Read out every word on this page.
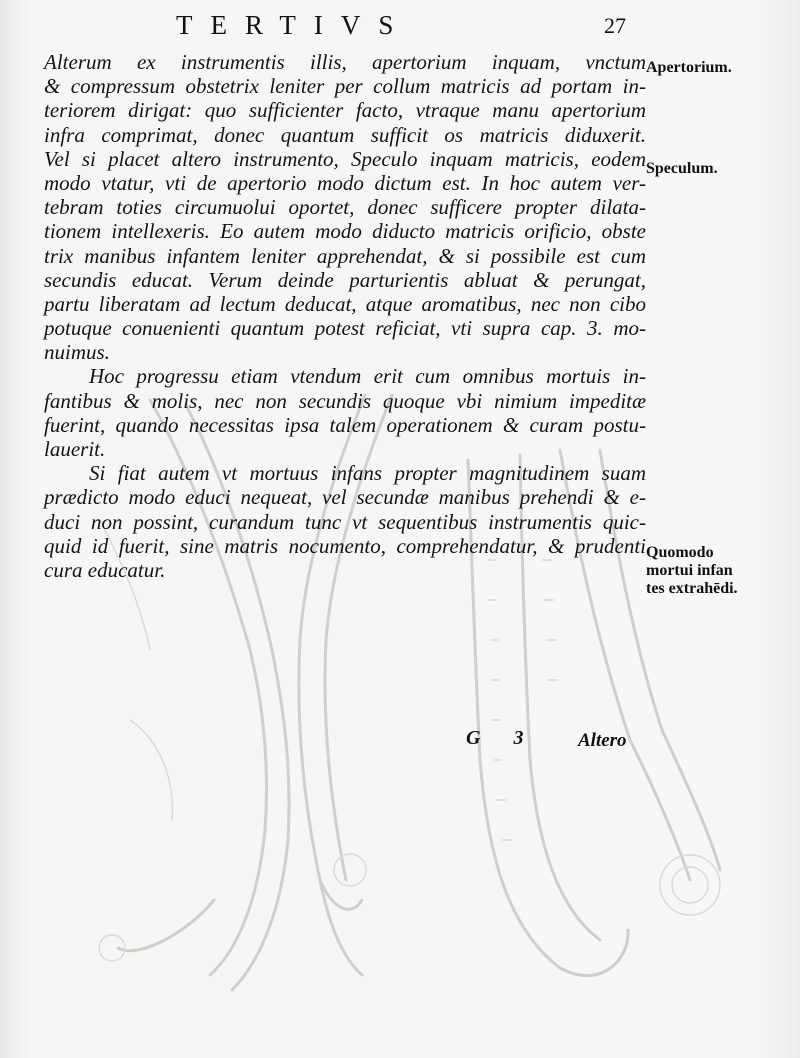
TERTIVS	27
Alterum ex instrumentis illis, apertorium inquam, vnctum
& compressum obstetrix leniter per collum matricis ad portam in-
teriorem dirigat: quo sufficienter facto, vtraque manu apertorium
infra comprimat, donec quantum sufficit os matricis diduxerit.
Vel si placet altero instrumento, Speculo inquam matricis, eodem
modo vtatur, vti de apertorio modo dictum est. In hoc autem ver-
tebram toties circumuolui oportet, donec sufficere propter dilata-
tionem intellexeris. Eo autem modo diducto matricis orificio, obste
trix manibus infantem leniter apprehendat, & si possibile est cum
secundis educat. Verum deinde parturientis abluat & perungat,
partu liberatam ad lectum deducat, atque aromatibus, nec non cibo
potuque conuenienti quantum potest reficiat, vti supra cap. 3. mo-
nuimus.
Hoc progressu etiam vtendum erit cum omnibus mortuis in-
fantibus & molis, nec non secundis quoque vbi nimium impeditæ
fuerint, quando necessitas ipsa talem operationem & curam postu-
lauerit.
Si fiat autem vt mortuus infans propter magnitudinem suam
prædicto modo educi nequeat, vel secundæ manibus prehendi & e-
duci non possint, curandum tunc vt sequentibus instrumentis quic-
quid id fuerit, sine matris nocumento, comprehendatur, & prudenti
cura educatur.
Apertorium.
Speculum.
Quomodo
mortui infan
tes extrahēdi.
G 3 Altero
